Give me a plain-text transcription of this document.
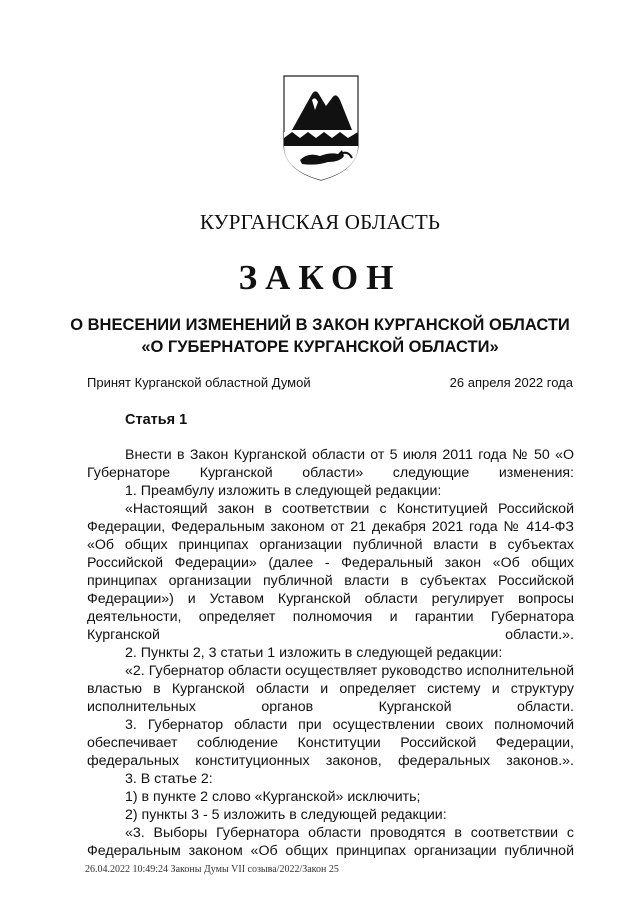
КУРГАНСКАЯ ОБЛАСТЬ
ЗАКОН
О ВНЕСЕНИИ ИЗМЕНЕНИЙ В ЗАКОН КУРГАНСКОЙ ОБЛАСТИ «О ГУБЕРНАТОРЕ КУРГАНСКОЙ ОБЛАСТИ»
Принят Курганской областной Думой	26 апреля 2022 года
Статья 1

Внести в Закон Курганской области от 5 июля 2011 года № 50 «О Губернаторе Курганской области» следующие изменения:

1. Преамбулу изложить в следующей редакции:

«Настоящий закон в соответствии с Конституцией Российской Федерации, Федеральным законом от 21 декабря 2021 года № 414-ФЗ «Об общих принципах организации публичной власти в субъектах Российской Федерации» (далее - Федеральный закон «Об общих принципах организации публичной власти в субъектах Российской Федерации») и Уставом Курганской области регулирует вопросы деятельности, определяет полномочия и гарантии Губернатора Курганской области.».

2. Пункты 2, 3 статьи 1 изложить в следующей редакции:

«2. Губернатор области осуществляет руководство исполнительной властью в Курганской области и определяет систему и структуру исполнительных органов Курганской области.

3. Губернатор области при осуществлении своих полномочий обеспечивает соблюдение Конституции Российской Федерации, федеральных конституционных законов, федеральных законов.».

3. В статье 2:

1) в пункте 2 слово «Курганской» исключить;

2) пункты 3 - 5 изложить в следующей редакции:

«3. Выборы Губернатора области проводятся в соответствии с Федеральным законом «Об общих принципах организации публичной

26.04.2022 10:49:24 Законы Думы VII созыва/2022/Закон 25
